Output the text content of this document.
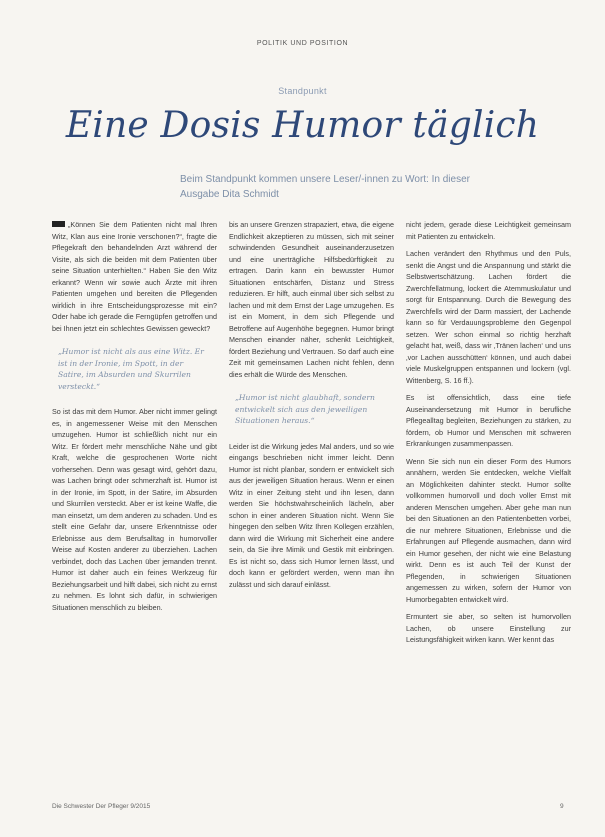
POLITIK UND POSITION
Standpunkt
Eine Dosis Humor täglich
Beim Standpunkt kommen unsere Leser/-innen zu Wort: In dieser Ausgabe Dita Schmidt

„Können Sie dem Patienten nicht mal Ihren Witz, Klan aus eine Ironie verschonen?“, fragte die Pflegekraft den behandelnden Arzt während der Visite, als sich die beiden mit dem Patienten über seine Situation unterhielten.“ Haben Sie den Witz erkannt? Wenn wir sowie auch Ärzte mit ihren Patienten umgehen und bereiten die Pflegenden wirklich in ihre Entscheidungsprozesse mit ein? Oder habe ich gerade die Ferngüpfen getroffen und bei Ihnen jetzt ein schlechtes Gewissen geweckt?

„Humor ist nicht als aus eine Witz. Er ist in der Ironie, im Spott, in der Satire, im Absurden und Skurrilen versteckt.“

So ist das mit dem Humor. Aber nicht immer gelingt es, in angemessener Weise mit den Menschen umzugehen. Humor ist schließlich nicht nur ein Witz. Er fördert mehr menschliche Nähe und gibt Kraft, welche die gesprochenen Worte nicht vorhersehen. Denn was gesagt wird, gehört dazu, was Lachen bringt oder schmerzhaft ist. Humor ist in der Ironie, im Spott, in der Satire, im Absurden und Skurrilen versteckt. Aber er ist keine Waffe, die man einsetzt, um dem anderen zu schaden. Und es stellt eine Gefahr dar, unsere Erkenntnisse oder Erlebnisse aus dem Berufsalltag in humorvoller Weise auf Kosten anderer zu überziehen. Lachen verbindet, doch das Lachen über jemanden trennt. Humor ist daher auch ein feines Werkzeug für Beziehungsarbeit und hilft dabei, sich nicht zu ernst zu nehmen. Es lohnt sich dafür, in schwierigen Situationen menschlich zu bleiben.

bis an unsere Grenzen strapaziert, etwa, die eigene Endlichkeit akzeptieren zu müssen, sich mit seiner schwindenden Gesundheit auseinanderzusetzen und eine unerträgliche Hilfsbedürftigkeit zu ertragen. Darin kann ein bewusster Humor Situationen entschärfen, Distanz und Stress reduzieren. Er hilft, auch einmal über sich selbst zu lachen und mit dem Ernst der Lage umzugehen. Es ist ein Moment, in dem sich Pflegende und Betroffene auf Augenhöhe begegnen. Humor bringt Menschen einander näher, schenkt Leichtigkeit, fördert Beziehung und Vertrauen. So darf auch eine Zeit mit gemeinsamen Lachen nicht fehlen, denn dies erhält die Würde des Menschen.

„Humor ist nicht glaubhaft, sondern entwickelt sich aus den jeweiligen Situationen heraus.“

Leider ist die Wirkung jedes Mal anders, und so wie eingangs beschrieben nicht immer leicht. Denn Humor ist nicht planbar, sondern er entwickelt sich aus der jeweiligen Situation heraus. Wenn er einen Witz in einer Zeitung steht und ihn lesen, dann werden Sie höchstwahrscheinlich lächeln, aber schon in einer anderen Situation nicht. Wenn Sie hingegen den selben Witz Ihren Kollegen erzählen, dann wird die Wirkung mit Sicherheit eine andere sein, da Sie ihre Mimik und Gestik mit einbringen. Es ist nicht so, dass sich Humor lernen lässt, und doch kann er gefördert werden, wenn man ihn zulässt und sich darauf einlässt.

nicht jedem, gerade diese Leichtigkeit gemeinsam mit Patienten zu entwickeln.

Lachen verändert den Rhythmus und den Puls, senkt die Angst und die Anspannung und stärkt die Selbstwertschätzung. Lachen fördert die Zwerchfellatmung, lockert die Atemmuskulatur und sorgt für Entspannung. Durch die Bewegung des Zwerchfells wird der Darm massiert, der Lachende kann so für Verdauungsprobleme den Gegenpol setzen. Wer schon einmal so richtig herzhaft gelacht hat, weiß, dass wir ‚Tränen lachen‘ und uns ‚vor Lachen ausschütten‘ können, und auch dabei viele Muskelgruppen entspannen und lockern (vgl. Wittenberg, S. 16 ff.).

Es ist offensichtlich, dass eine tiefe Auseinandersetzung mit Humor in berufliche Pflegealltag begleiten, Beziehungen zu stärken, zu fördern, ob Humor und Menschen mit schweren Erkrankungen zusammenpassen.

Wenn Sie sich nun ein dieser Form des Humors annähern, werden Sie entdecken, welche Vielfalt an Möglichkeiten dahinter steckt. Humor sollte vollkommen humorvoll und doch voller Ernst mit anderen Menschen umgehen. Aber gehe man nun bei den Situationen an den Patientenbetten vorbei, die nur mehrere Situationen, Erlebnisse und die Erfahrungen auf Pflegende ausmachen, dann wird ein Humor gesehen, der nicht wie eine Belastung wirkt. Denn es ist auch Teil der Kunst der Pflegenden, in schwierigen Situationen angemessen zu wirken, sofern der Humor von Humorbegabten entwickelt wird.

Ermuntert sie aber, so selten ist humorvollen Lachen, ob unsere Einstellung zur Leistungsfähigkeit wirken kann. Wer kennt das

Die Schwester Der Pfleger 9/2015	9
